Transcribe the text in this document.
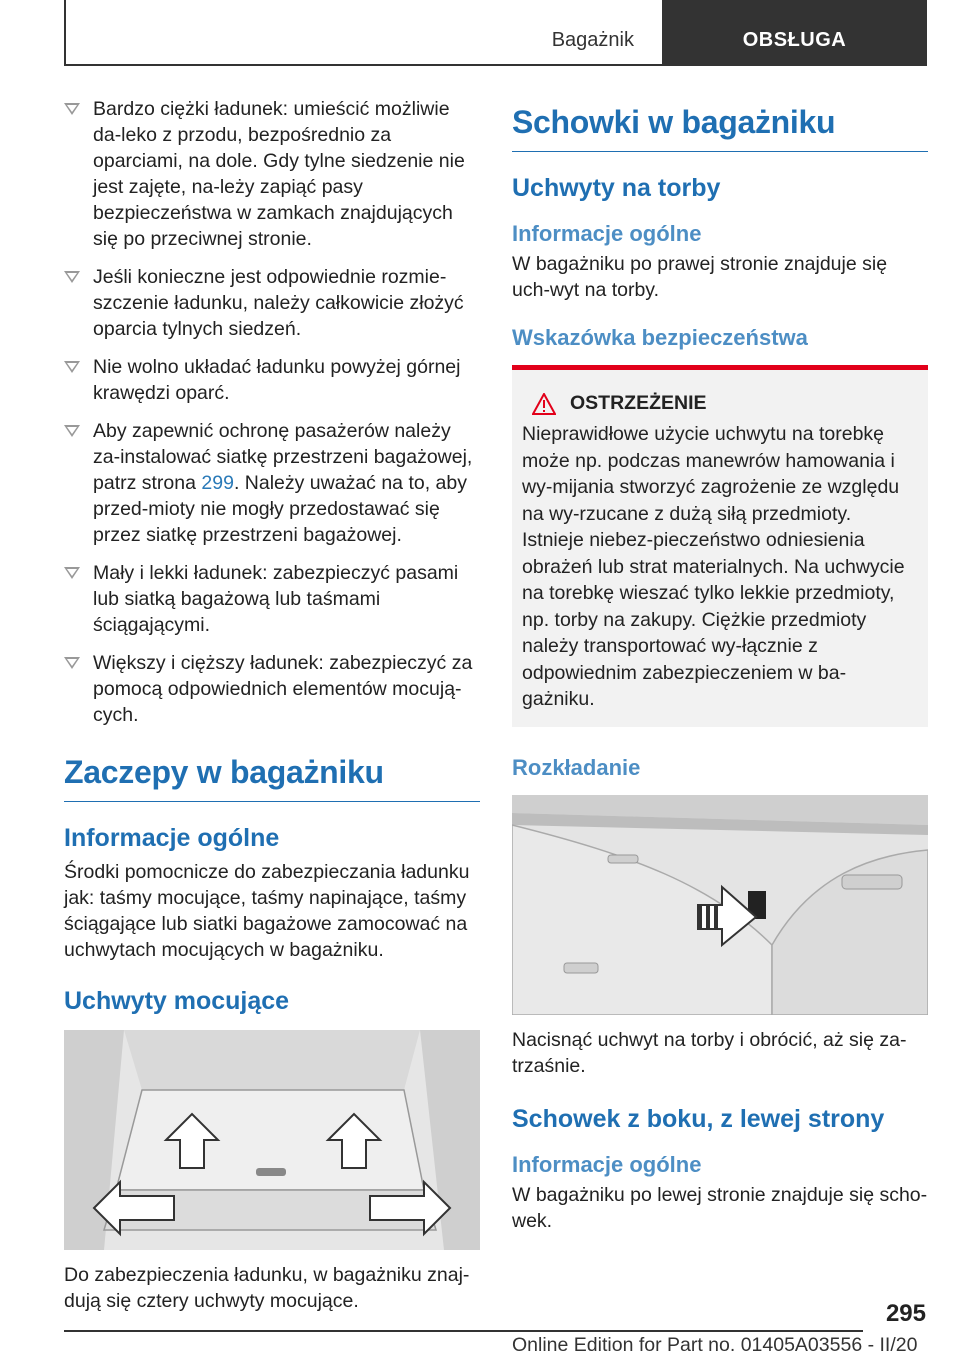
Bagażnik	OBSŁUGA
Bardzo ciężki ładunek: umieścić możliwie da-leko z przodu, bezpośrednio za oparciami, na dole. Gdy tylne siedzenie nie jest zajęte, na-leży zapiąć pasy bezpieczeństwa w zamkach znajdujących się po przeciwnej stronie.
Jeśli konieczne jest odpowiednie rozmie-szczenie ładunku, należy całkowicie złożyć oparcia tylnych siedzeń.
Nie wolno układać ładunku powyżej górnej krawędzi oparć.
Aby zapewnić ochronę pasażerów należy za-instalować siatkę przestrzeni bagażowej, patrz strona 299. Należy uważać na to, aby przed-mioty nie mogły przedostawać się przez siatkę przestrzeni bagażowej.
Mały i lekki ładunek: zabezpieczyć pasami lub siatką bagażową lub taśmami ściągającymi.
Większy i cięższy ładunek: zabezpieczyć za pomocą odpowiednich elementów mocują-cych.
Zaczepy w bagażniku
Informacje ogólne

Środki pomocnicze do zabezpieczania ładunku jak: taśmy mocujące, taśmy napinające, taśmy ściągające lub siatki bagażowe zamocować na uchwytach mocujących w bagażniku.

Uchwyty mocujące

Do zabezpieczenia ładunku, w bagażniku znaj-dują się cztery uchwyty mocujące.

Schowki w bagażniku
Uchwyty na torby
Informacje ogólne

W bagażniku po prawej stronie znajduje się uch-wyt na torby.

Wskazówka bezpieczeństwa
OSTRZEŻENIE

Nieprawidłowe użycie uchwytu na torebkę może np. podczas manewrów hamowania i wy-mijania stworzyć zagrożenie ze względu na wy-rzucane z dużą siłą przedmioty. Istnieje niebez-pieczeństwo odniesienia obrażeń lub strat materialnych. Na uchwycie na torebkę wieszać tylko lekkie przedmioty, np. torby na zakupy. Ciężkie przedmioty należy transportować wy-łącznie z odpowiednim zabezpieczeniem w ba-gażniku.

Rozkładanie

Nacisnąć uchwyt na torby i obrócić, aż się za-trzaśnie.

Schowek z boku, z lewej strony
Informacje ogólne

W bagażniku po lewej stronie znajduje się scho-wek.

295
Online Edition for Part no. 01405A03556 - II/20
